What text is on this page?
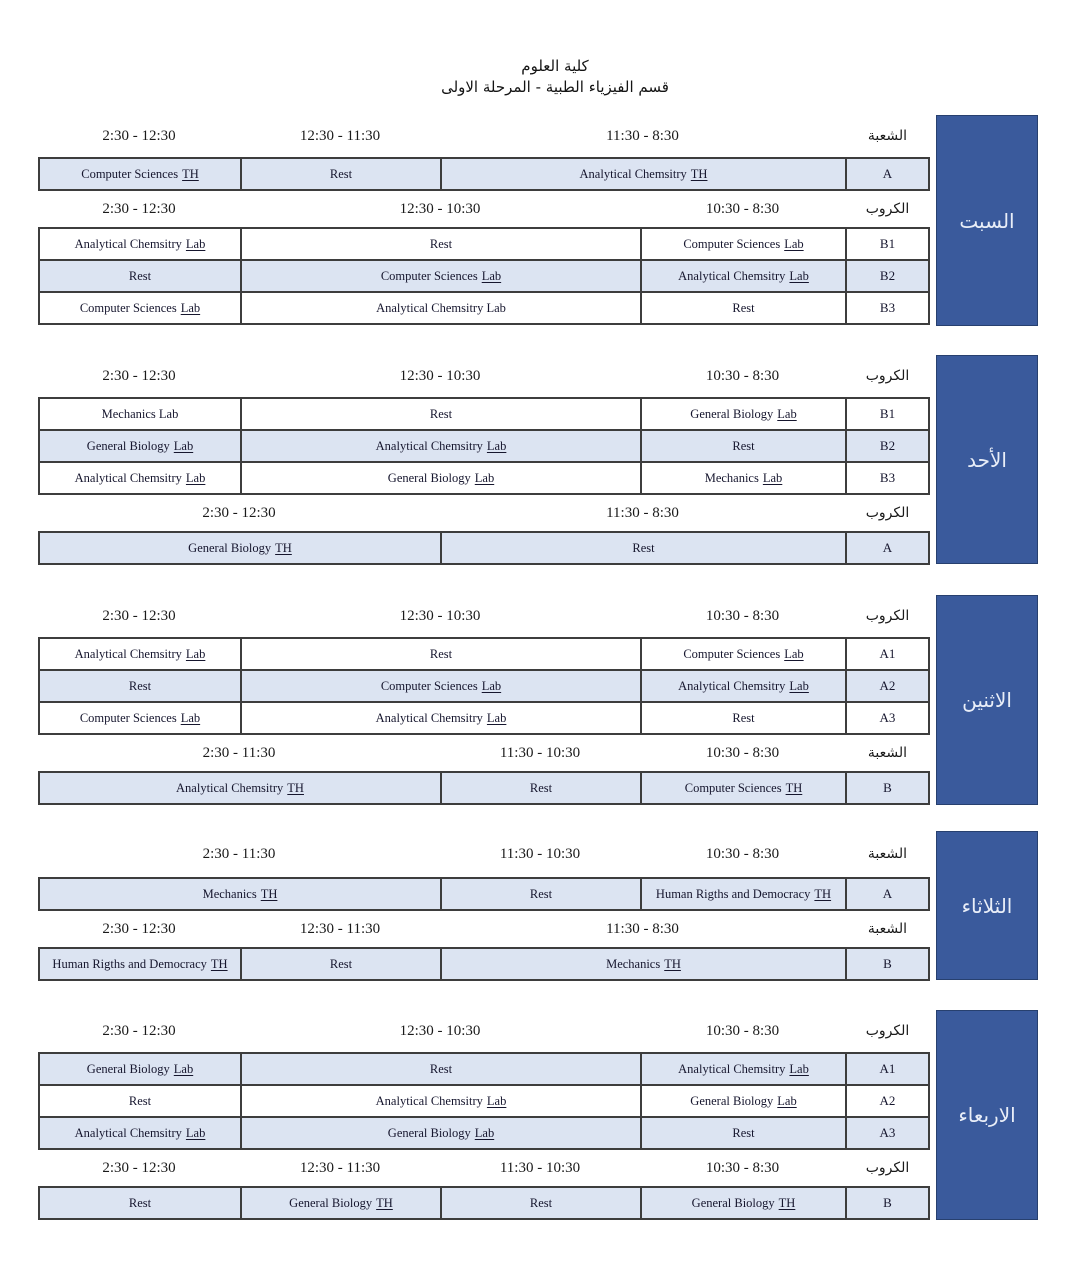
كلية العلوم
قسم الفيزياء الطبية - المرحلة الاولى
2:30 - 12:30	12:30 - 11:30	11:30 - 8:30	الشعبة
Computer Sciences TH	Rest	Analytical Chemsitry TH	A
2:30 - 12:30	12:30 - 10:30	10:30 - 8:30	الكروب
Analytical Chemsitry Lab	Rest	Computer Sciences Lab	B1
Rest	Computer Sciences Lab	Analytical Chemsitry Lab	B2
Computer Sciences Lab	Analytical Chemsitry Lab	Rest	B3
السبت
2:30 - 12:30	12:30 - 10:30	10:30 - 8:30	الكروب
Mechanics Lab	Rest	General Biology Lab	B1
General Biology Lab	Analytical Chemsitry Lab	Rest	B2
Analytical Chemsitry Lab	General Biology Lab	Mechanics Lab	B3
2:30 - 12:30	11:30 - 8:30	الكروب
General Biology TH	Rest	A
الأحد
2:30 - 12:30	12:30 - 10:30	10:30 - 8:30	الكروب
Analytical Chemsitry Lab	Rest	Computer Sciences Lab	A1
Rest	Computer Sciences Lab	Analytical Chemsitry Lab	A2
Computer Sciences Lab	Analytical Chemsitry Lab	Rest	A3
2:30 - 11:30	11:30 - 10:30	10:30 - 8:30	الشعبة
Analytical Chemsitry TH	Rest	Computer Sciences TH	B
الاثنين
2:30 - 11:30	11:30 - 10:30	10:30 - 8:30	الشعبة
Mechanics TH	Rest	Human Rigths and Democracy TH	A
2:30 - 12:30	12:30 - 11:30	11:30 - 8:30	الشعبة
Human Rigths and Democracy TH	Rest	Mechanics TH	B
الثلاثاء
2:30 - 12:30	12:30 - 10:30	10:30 - 8:30	الكروب
General Biology Lab	Rest	Analytical Chemsitry Lab	A1
Rest	Analytical Chemsitry Lab	General Biology Lab	A2
Analytical Chemsitry Lab	General Biology Lab	Rest	A3
2:30 - 12:30	12:30 - 11:30	11:30 - 10:30	10:30 - 8:30	الكروب
Rest	General Biology TH	Rest	General Biology TH	B
الاربعاء
